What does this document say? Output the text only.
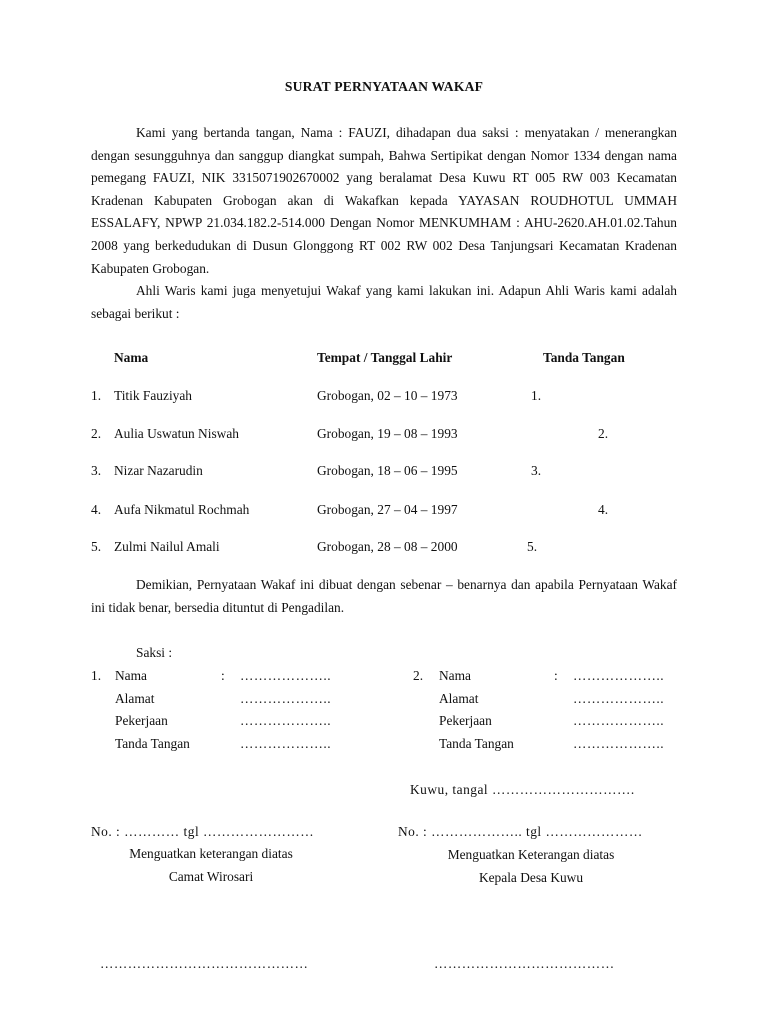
SURAT PERNYATAAN WAKAF

Kami yang bertanda tangan, Nama : FAUZI, dihadapan dua saksi : menyatakan / menerangkan dengan sesungguhnya dan sanggup diangkat sumpah, Bahwa Sertipikat dengan Nomor 1334 dengan nama pemegang FAUZI, NIK 3315071902670002 yang beralamat Desa Kuwu RT 005 RW 003 Kecamatan Kradenan Kabupaten Grobogan akan di Wakafkan kepada YAYASAN ROUDHOTUL UMMAH ESSALAFY, NPWP 21.034.182.2-514.000 Dengan Nomor MENKUMHAM : AHU-2620.AH.01.02.Tahun 2008 yang berkedudukan di Dusun Glonggong RT 002 RW 002 Desa Tanjungsari Kecamatan Kradenan Kabupaten Grobogan.

Ahli Waris kami juga menyetujui Wakaf yang kami lakukan ini. Adapun Ahli Waris kami adalah sebagai berikut :

Nama	Tempat / Tanggal Lahir	Tanda Tangan
1. Titik Fauziyah	Grobogan, 02 – 10 – 1973	1.
2. Aulia Uswatun Niswah	Grobogan, 19 – 08 – 1993	2.
3. Nizar Nazarudin	Grobogan, 18 – 06 – 1995	3.
4. Aufa Nikmatul Rochmah	Grobogan, 27 – 04 – 1997	4.
5. Zulmi Nailul Amali	Grobogan, 28 – 08 – 2000	5.

Demikian, Pernyataan Wakaf ini dibuat dengan sebenar – benarnya dan apabila Pernyataan Wakaf ini tidak benar, bersedia dituntut di Pengadilan.

Saksi :
1. Nama	: ………………..
Alamat	………………..
Pekerjaan	………………..
Tanda Tangan	………………..
2. Nama	: ………………..
Alamat	………………..
Pekerjaan	………………..
Tanda Tangan	………………..
Kuwu, tangal ………………………….
No. : ………… tgl ……………………
Menguatkan keterangan diatas
Camat Wirosari
………………………………………
No. : ……………….. tgl …………………
Menguatkan Keterangan diatas
Kepala Desa Kuwu
…………………………………
